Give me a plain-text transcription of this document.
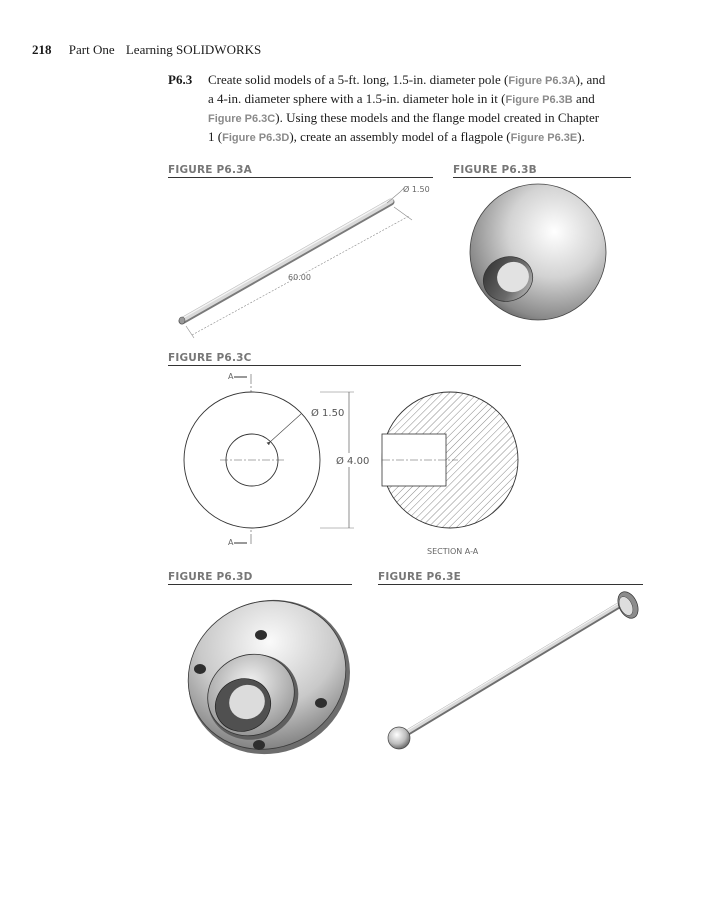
218 Part One Learning SOLIDWORKS
P6.3 Create solid models of a 5-ft. long, 1.5-in. diameter pole (Figure P6.3A), and a 4-in. diameter sphere with a 1.5-in. diameter hole in it (Figure P6.3B and Figure P6.3C). Using these models and the flange model created in Chapter 1 (Figure P6.3D), create an assembly model of a flagpole (Figure P6.3E).
FIGURE P6.3A
60.00
Ø 1.50
FIGURE P6.3B
FIGURE P6.3C
A
A
Ø 1.50
Ø 4.00
SECTION A-A
FIGURE P6.3D	FIGURE P6.3E
